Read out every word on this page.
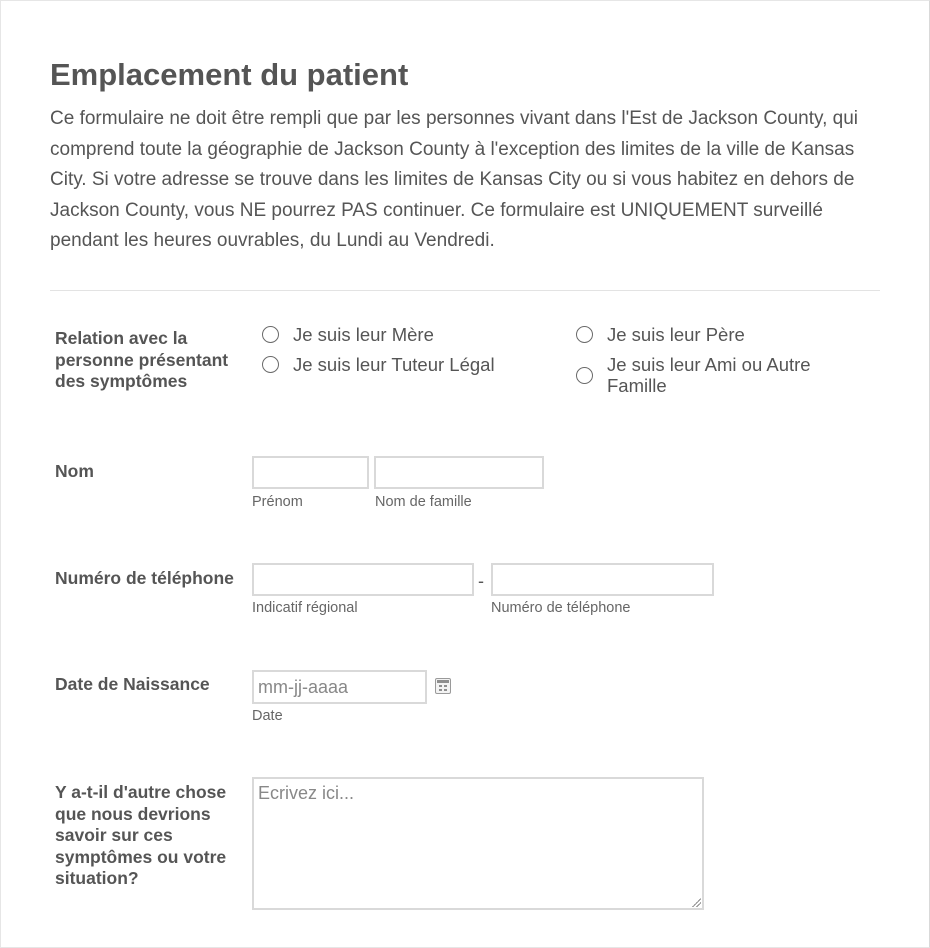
Emplacement du patient

Ce formulaire ne doit être rempli que par les personnes vivant dans l'Est de Jackson County, qui comprend toute la géographie de Jackson County à l'exception des limites de la ville de Kansas City. Si votre adresse se trouve dans les limites de Kansas City ou si vous habitez en dehors de Jackson County, vous NE pourrez PAS continuer. Ce formulaire est UNIQUEMENT surveillé pendant les heures ouvrables, du Lundi au Vendredi.

Relation avec la personne présentant des symptômes
Je suis leur Mère	Je suis leur Père
Je suis leur Tuteur Légal	Je suis leur Ami ou Autre Famille
Nom
Prénom	Nom de famille
Numéro de téléphone	-
Indicatif régional	Numéro de téléphone
Date de Naissance	mm-jj-aaaa
Date
Y a-t-il d'autre chose que nous devrions savoir sur ces symptômes ou votre situation?
Ecrivez ici...
